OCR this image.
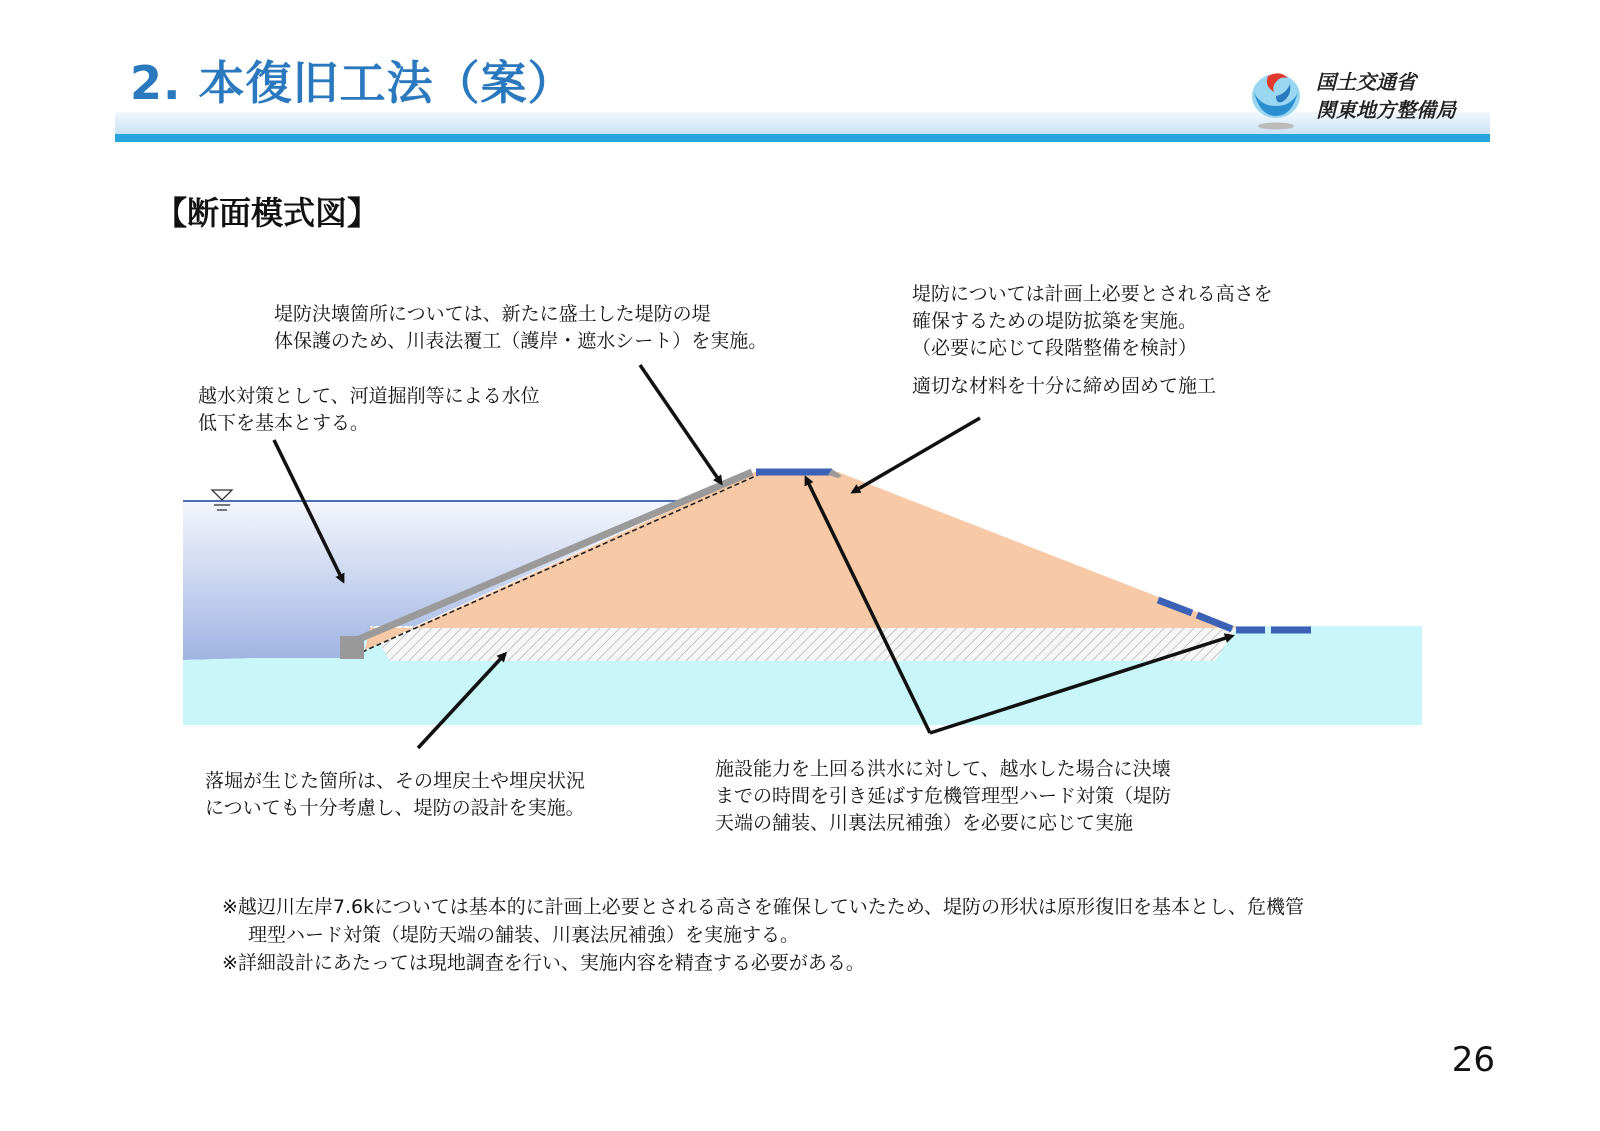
2. 本復旧工法（案）	国土交通省
関東地方整備局
【断面模式図】
堤防決壊箇所については、新たに盛土した堤防の堤
体保護のため、川表法覆工（護岸・遮水シート）を実施。
越水対策として、河道掘削等による水位
低下を基本とする。
堤防については計画上必要とされる高さを
確保するための堤防拡築を実施。
（必要に応じて段階整備を検討）
適切な材料を十分に締め固めて施工
落堀が生じた箇所は、その埋戻土や埋戻状況
についても十分考慮し、堤防の設計を実施。
施設能力を上回る洪水に対して、越水した場合に決壊
までの時間を引き延ばす危機管理型ハード対策（堤防
天端の舗装、川裏法尻補強）を必要に応じて実施
※越辺川左岸7.6kについては基本的に計画上必要とされる高さを確保していたため、堤防の形状は原形復旧を基本とし、危機管
理型ハード対策（堤防天端の舗装、川裏法尻補強）を実施する。
※詳細設計にあたっては現地調査を行い、実施内容を精査する必要がある。
26
